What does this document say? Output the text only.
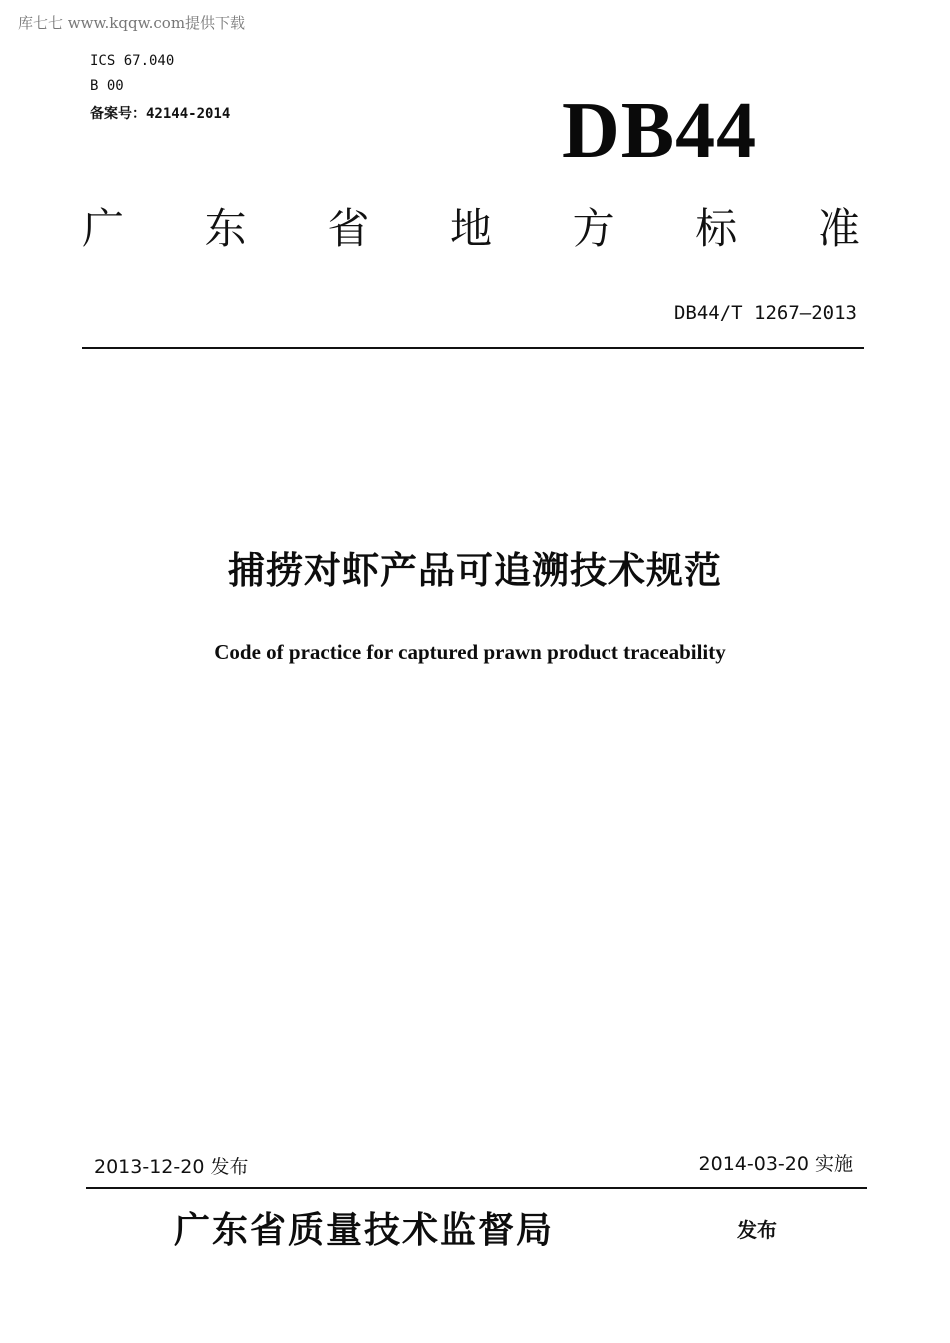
库七七 www.kqqw.com提供下载
ICS 67.040
B 00
备案号：42144-2014	DB44
广 东 省 地 方 标 准
DB44/T 1267—2013
捕捞对虾产品可追溯技术规范
Code of practice for captured prawn product traceability
2013-12-20 发布	2014-03-20 实施
广东省质量技术监督局	发布
